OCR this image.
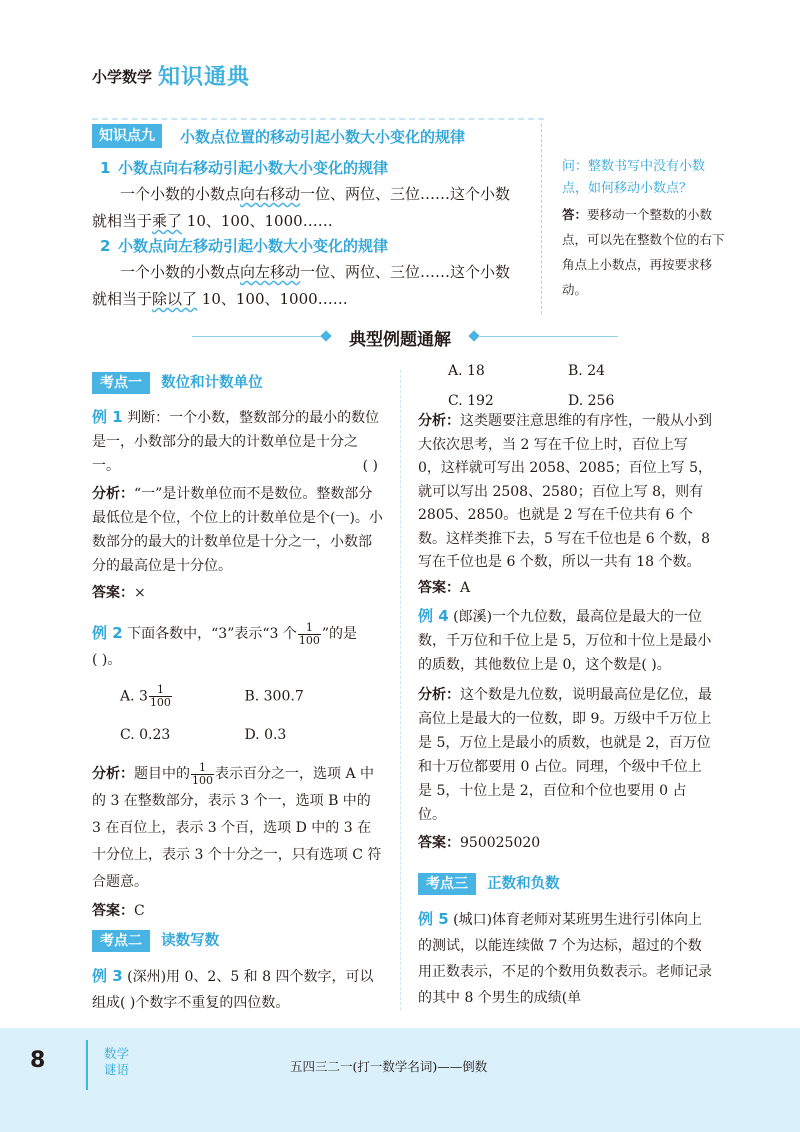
小学数学 知识通典
知识点九	小数点位置的移动引起小数大小变化的规律
1 小数点向右移动引起小数大小变化的规律
一个小数的小数点向右移动一位、两位、三位……这个小数
就相当于乘了 10、100、1000……
2 小数点向左移动引起小数大小变化的规律
一个小数的小数点向左移动一位、两位、三位……这个小数
就相当于除以了 10、100、1000……
问：整数书写中没有小数点，如何移动小数点？
答：要移动一个整数的小数点，可以先在整数个位的右下角点上小数点，再按要求移动。
典型例题通解
考点一 数位和计数单位
例 1 判断：一个小数，整数部分的最小的数位是一，小数部分的最大的计数单位是十分之一。	( )
分析：“一”是计数单位而不是数位。整数部分最低位是个位，个位上的计数单位是个(一)。小数部分的最大的计数单位是十分之一，小数部分的最高位是十分位。
答案：×
例 2 下面各数中，“3”表示“3 个 $\frac{1}{100}$ ”的是
( )。
A. $3 \frac{1}{100}$	B. 300.7
C. 0.23	D. 0.3
分析：题目中的 $\frac{1}{100}$ 表示百分之一，选项 A 中的 3 在整数部分，表示 3 个一，选项 B 中的 3 在百位上，表示 3 个百，选项 D 中的 3 在十分位上，表示 3 个十分之一，只有选项 C 符合题意。
答案：C
考点二 读数写数
例 3 (深州)用 0、2、5 和 8 四个数字，可以组成( )个数字不重复的四位数。
A. 18	B. 24
C. 192	D. 256
分析：这类题要注意思维的有序性，一般从小到大依次思考，当 2 写在千位上时，百位上写 0，这样就可写出 2058、2085；百位上写 5，就可以写出 2508、2580；百位上写 8，则有 2805、2850。也就是 2 写在千位共有 6 个数。这样类推下去，5 写在千位也是 6 个数，8 写在千位也是 6 个数，所以一共有 18 个数。
答案：A
例 4 (郎溪)一个九位数，最高位是最大的一位数，千万位和千位上是 5，万位和十位上是最小的质数，其他数位上是 0，这个数是( )。
分析：这个数是九位数，说明最高位是亿位，最高位上是最大的一位数，即 9。万级中千万位上是 5，万位上是最小的质数，也就是 2，百万位和十万位都要用 0 占位。同理，个级中千位上是 5，十位上是 2，百位和个位也要用 0 占位。
答案：950025020
考点三 正数和负数
例 5 (城口)体育老师对某班男生进行引体向上的测试，以能连续做 7 个为达标，超过的个数用正数表示，不足的个数用负数表示。老师记录的其中 8 个男生的成绩(单
8	数学
谜语	五四三二一(打一数学名词)——倒数
